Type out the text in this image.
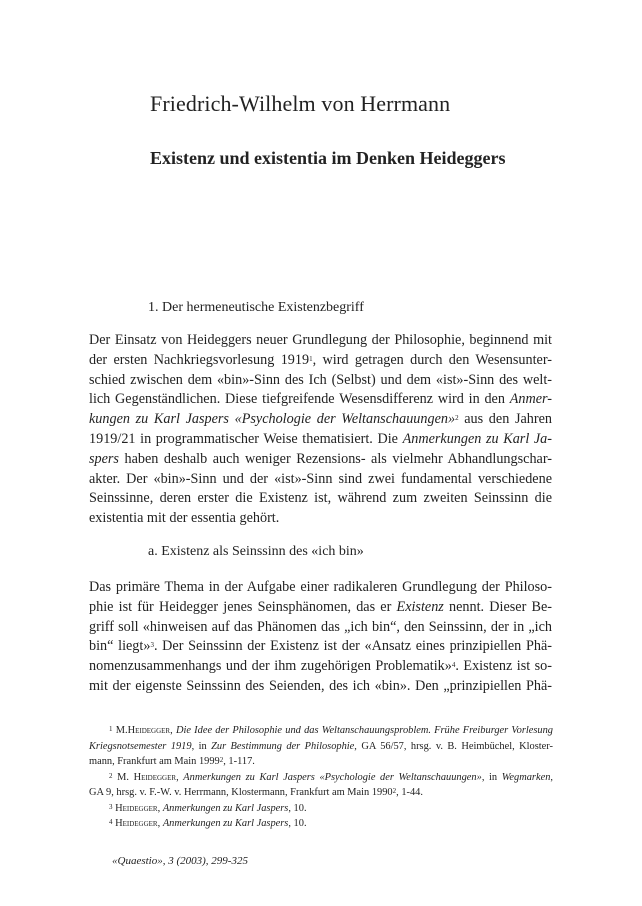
Friedrich-Wilhelm von Herrmann
Existenz und existentia im Denken Heideggers
1. Der hermeneutische Existenzbegriff
Der Einsatz von Heideggers neuer Grundlegung der Philosophie, beginnend mit
der ersten Nachkriegsvorlesung 1919$^1$, wird getragen durch den Wesensunter-
schied zwischen dem «bin»-Sinn des Ich (Selbst) und dem «ist»-Sinn des welt-
lich Gegenständlichen. Diese tiefgreifende Wesensdifferenz wird in den Anmer-
kungen zu Karl Jaspers «Psychologie der Weltanschauungen»$^2$ aus den Jahren
1919/21 in programmatischer Weise thematisiert. Die Anmerkungen zu Karl Ja-
spers haben deshalb auch weniger Rezensions- als vielmehr Abhandlungschar-
akter. Der «bin»-Sinn und der «ist»-Sinn sind zwei fundamental verschiedene
Seinssinne, deren erster die Existenz ist, während zum zweiten Seinssinn die
existentia mit der essentia gehört.
a. Existenz als Seinssinn des «ich bin»
Das primäre Thema in der Aufgabe einer radikaleren Grundlegung der Philoso-
phie ist für Heidegger jenes Seinsphänomen, das er Existenz nennt. Dieser Be-
griff soll «hinweisen auf das Phänomen das „ich bin“, den Seinssinn, der in „ich
bin“ liegt»$^3$. Der Seinssinn der Existenz ist der «Ansatz eines prinzipiellen Phä-
nomenzusammenhangs und der ihm zugehörigen Problematik»$^4$. Existenz ist so-
mit der eigenste Seinssinn des Seienden, des ich «bin». Den „prinzipiellen Phä-
$^1$ M.Heidegger, Die Idee der Philosophie und das Weltanschauungsproblem. Frühe Freiburger Vorlesung
Kriegsnotsemester 1919, in Zur Bestimmung der Philosophie, GA 56/57, hrsg. v. B. Heimbüchel, Kloster-
mann, Frankfurt am Main 1999$^2$, 1-117.
$^2$ M. Heidegger, Anmerkungen zu Karl Jaspers «Psychologie der Weltanschauungen», in Wegmarken,
GA 9, hrsg. v. F.-W. v. Herrmann, Klostermann, Frankfurt am Main 1990$^2$, 1-44.
$^3$ Heidegger, Anmerkungen zu Karl Jaspers, 10.
$^4$ Heidegger, Anmerkungen zu Karl Jaspers, 10.
«Quaestio», 3 (2003), 299-325
